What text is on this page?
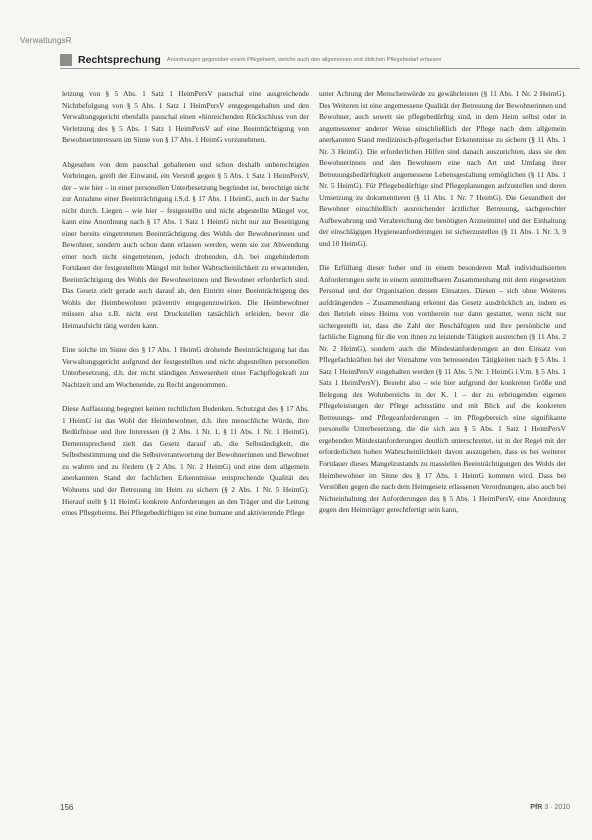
VerwaltungsR
Rechtsprechung Anordnungen gegenüber einem Pflegeheim, welche auch den allgemeinen und üblichen Pflegebedarf erfassen

letzung von § 5 Abs. 1 Satz 1 HeimPersV pauschal eine ausgreichende Nichtbefolgung von § 5 Abs. 1 Satz 1 HeimPersV entgegengehalten und den Verwaltungsgericht ebenfalls pauschal einen »hinreichenden Rückschluss von der Verletzung des § 5 Abs. 1 Satz 1 HeimPersV auf eine Beeinträchtigung von Bewohnerinteressen im Sinne von § 17 Abs. 1 HeimG vorzunehmen.

Abgesehen von dem pauschal gehaltenen und schon deshalb unberechtigten Vorbringen, greift der Einwand, ein Verstoß gegen § 5 Abs. 1 Satz 1 HeimPersV, der – wie hier – in einer personellen Unterbesetzung begründet ist, berechtige nicht zur Annahme einer Beeinträchtigung i.S.d. § 17 Abs. 1 HeimG, auch in der Sache nicht durch. Liegen – wie hier – festgestellte und nicht abgestellte Mängel vor, kann eine Anordnung nach § 17 Abs. 1 Satz 1 HeimG nicht nur zur Beseitigung einer bereits eingetretenen Beeinträchtigung des Wohls der Bewohnerinnen und Bewohner, sondern auch schon dann erlassen werden, wenn sie zur Abwendung einer noch nicht eingetretenen, jedoch drohenden, d.h. bei ungehindertem Fortdauer der festgestellten Mängel mit hoher Wahrscheinlichkeit zu erwartenden, Beeinträchtigung des Wohls der Bewohnerinnen und Bewohner erforderlich sind. Das Gesetz zielt gerade auch darauf ab, den Eintritt einer Beeinträchtigung des Wohls der Heimbewohner präventiv entgegenzuwirken. Die Heimbewohner müssen also z.B. nicht erst Druckstellen tatsächlich erleiden, bevor die Heimaufsicht tätig werden kann.

Eine solche im Sinne des § 17 Abs. 1 HeimG drohende Beeinträchtigung hat das Verwaltungsgericht aufgrund der festgestellten und nicht abgestellten personellen Unterbesetzung, d.h. der nicht ständigen Anwesenheit einer Fachpflegekraft zur Nachtzeit und am Wochenende, zu Recht angenommen.

Diese Auffassung begegnet keinen rechtlichen Bedenken. Schutzgut des § 17 Abs. 1 HeimG ist das Wohl der Heimbewohner, d.h. ihre menschliche Würde, ihre Bedürfnisse und ihre Interessen (§ 2 Abs. 1 Nr. 1, § 11 Abs. 1 Nr. 1 HeimG). Dementsprechend zielt das Gesetz darauf ab, die Selbständigkeit, die Selbstbestimmung und die Selbstverantwortung der Bewohnerinnen und Bewohner zu wahren und zu fördern (§ 2 Abs. 1 Nr. 2 HeimG) und eine dem allgemein anerkannten Stand der fachlichen Erkenntnisse entsprechende Qualität des Wohnens und der Betreuung im Heim zu sichern (§ 2 Abs. 1 Nr. 5 HeimG). Hierauf stellt § 11 HeimG konkrete Anforderungen an den Träger und die Leitung eines Pflegeheims. Bei Pflegebedürftigen ist eine humane und aktivierende Pflege

unter Achtung der Menschenwürde zu gewährleisten (§ 11 Abs. 1 Nr. 2 HeimG). Des Weiteren ist eine angemessene Qualität der Betreuung der Bewohnerinnen und Bewohner, auch soweit sie pflegebedürftig sind, in dem Heim selbst oder in angemessener anderer Weise einschließlich der Pflege nach dem allgemein anerkannten Stand medizinisch-pflegerischer Erkenntnisse zu sichern (§ 11 Abs. 1 Nr. 3 HeimG). Die erforderlichen Hilfen sind danach auszurichten, dass sie den Bewohnerinnen und den Bewohnern eine nach Art und Umfang ihrer Betreuungsbedürftigkeit angemessene Lebensgestaltung ermöglichen (§ 11 Abs. 1 Nr. 5 HeimG). Für Pflegebedürftige sind Pflegeplanungen aufzustellen und deren Umsetzung zu dokumentieren (§ 11 Abs. 1 Nr. 7 HeimG). Die Gesundheit der Bewohner einschließlich ausreichender ärztlicher Betreuung, sachgerechter Aufbewahrung und Verabreichung der benötigten Arzneimittel und der Einhaltung der einschlägigen Hygieneanforderungen ist sicherzustellen (§ 11 Abs. 1 Nr. 3, 9 und 10 HeimG).

Die Erfüllung dieser hoher und in einem besonderen Maß individualisierten Anforderungen steht in einem unmittelbaren Zusammenhang mit dem eingesetzten Personal und der Organisation dessen Einsatzes. Diesen – sich ohne Weiteres aufdrängenden – Zusammenhang erkennt das Gesetz ausdrücklich an, indem es den Betrieb eines Heims von vornherein nur dann gestattet, wenn nicht nur sichergestellt ist, dass die Zahl der Beschäftigten und ihre persönliche und fachliche Eignung für die von ihnen zu leistende Tätigkeit ausreichen (§ 11 Abs. 2 Nr. 2 HeimG), sondern auch die Mindestanforderungen an den Einsatz von Pflegefachkräften bei der Vornahme von betreuenden Tätigkeiten nach § 5 Abs. 1 Satz 1 HeimPersV eingehalten werden (§ 11 Abs. 5 Nr. 1 HeimG i.V.m. § 5 Abs. 1 Satz 1 HeimPersV). Besteht also – wie hier aufgrund der konkreten Größe und Belegung des Wohnbereichs in der K. 1 – der zu erbringenden eigenen Pflegeleistungen der Pflege achtsstätte und mit Blick auf die konkreten Betreuungs- und Pflegeanforderungen – im Pflegebereich eine signifikante personelle Unterbesetzung, die die sich aus § 5 Abs. 1 Satz 1 HeimPersV ergebenden Mindestanforderungen deutlich unterschreitet, ist in der Regel mit der erforderlichen hohen Wahrscheinlichkeit davon auszugehen, dass es bei weiterer Fortdauer dieses Mangelzustands zu massiellen Beeinträchtigungen des Wohls der Heimbewohner im Sinne des § 17 Abs. 1 HeimG kommen wird. Dass bei Verstößen gegen die nach dem Heimgesetz erlassenen Verordnungen, also auch bei Nichteinhaltung der Anforderungen des § 5 Abs. 1 HeimPersV, eine Anordnung gegen den Heimträger gerechtfertigt sein kann,

156	PfR 3 · 2010
